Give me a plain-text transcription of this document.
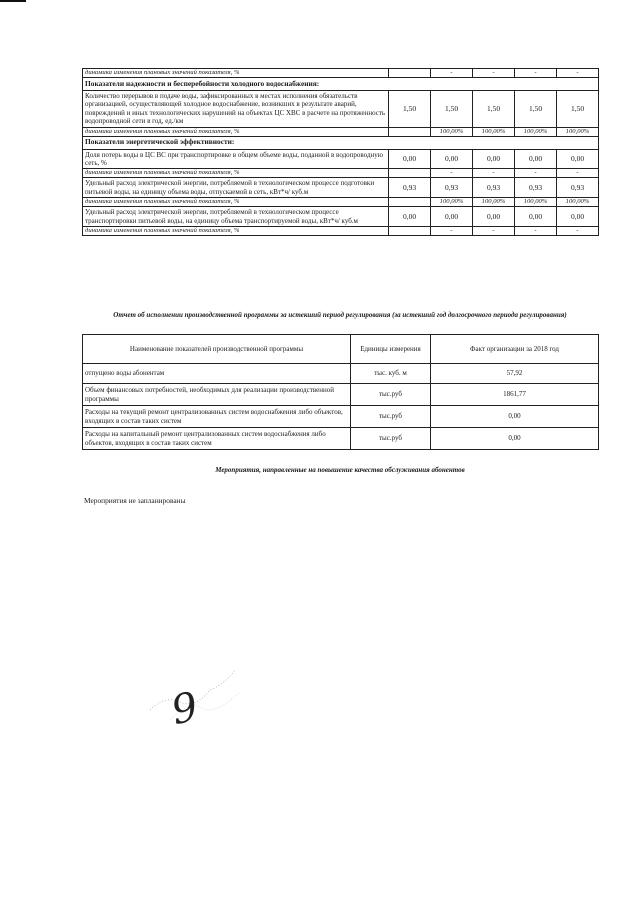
динамика изменения плановых значений показателя, %		-	-	-	-
Показатели надежности и бесперебойности холодного водоснабжения:					
Количество перерывов в подаче воды, зафиксированных в местах исполнения обязательств организацией, осуществляющей холодное водоснабжение, возникших в результате аварий, повреждений и иных технологических нарушений на объектах ЦС ХВС в расчете на протяженность водопроводной сети в год, ед./км	1,50	1,50	1,50	1,50	1,50
динамика изменения плановых значений показателя, %		100,00%	100,00%	100,00%	100,00%
Показатели энергетической эффективности:					
Доля потерь воды в ЦС ВС при транспортировке в общем объеме воды, поданной в водопроводную сеть, %	0,00	0,00	0,00	0,00	0,00
динамика изменения плановых значений показателя, %		-	-	-	-
Удельный расход электрической энергии, потребляемой в технологическом процессе подготовки питьевой воды, на единицу объема воды, отпускаемой в сеть, кВт*ч/ куб.м	0,93	0,93	0,93	0,93	0,93
динамика изменения плановых значений показателя, %		100,00%	100,00%	100,00%	100,00%
Удельный расход электрической энергии, потребляемой в технологическом процессе транспортировки питьевой воды, на единицу объема транспортируемой воды, кВт*ч/ куб.м	0,00	0,00	0,00	0,00	0,00
динамика изменения плановых значений показателя, %		-	-	-	-
Отчет об исполнении производственной программы за истекший период регулирования (за истекший год долгосрочного периода регулирования)
Наименование показателей производственной программы	Единицы измерения	Факт организации за 2018 год
отпущено воды абонентам	тыс. куб. м	57,92
Объем финансовых потребностей, необходимых для реализации производственной программы	тыс.руб	1861,77
Расходы на текущий ремонт централизованных систем водоснабжения либо объектов, входящих в состав таких систем	тыс.руб	0,00
Расходы на капитальный ремонт централизованных систем водоснабжения либо объектов, входящих в состав таких систем	тыс.руб	0,00
Мероприятия, направленные на повышение качества обслуживания абонентов
Мероприятия не запланированы
9
